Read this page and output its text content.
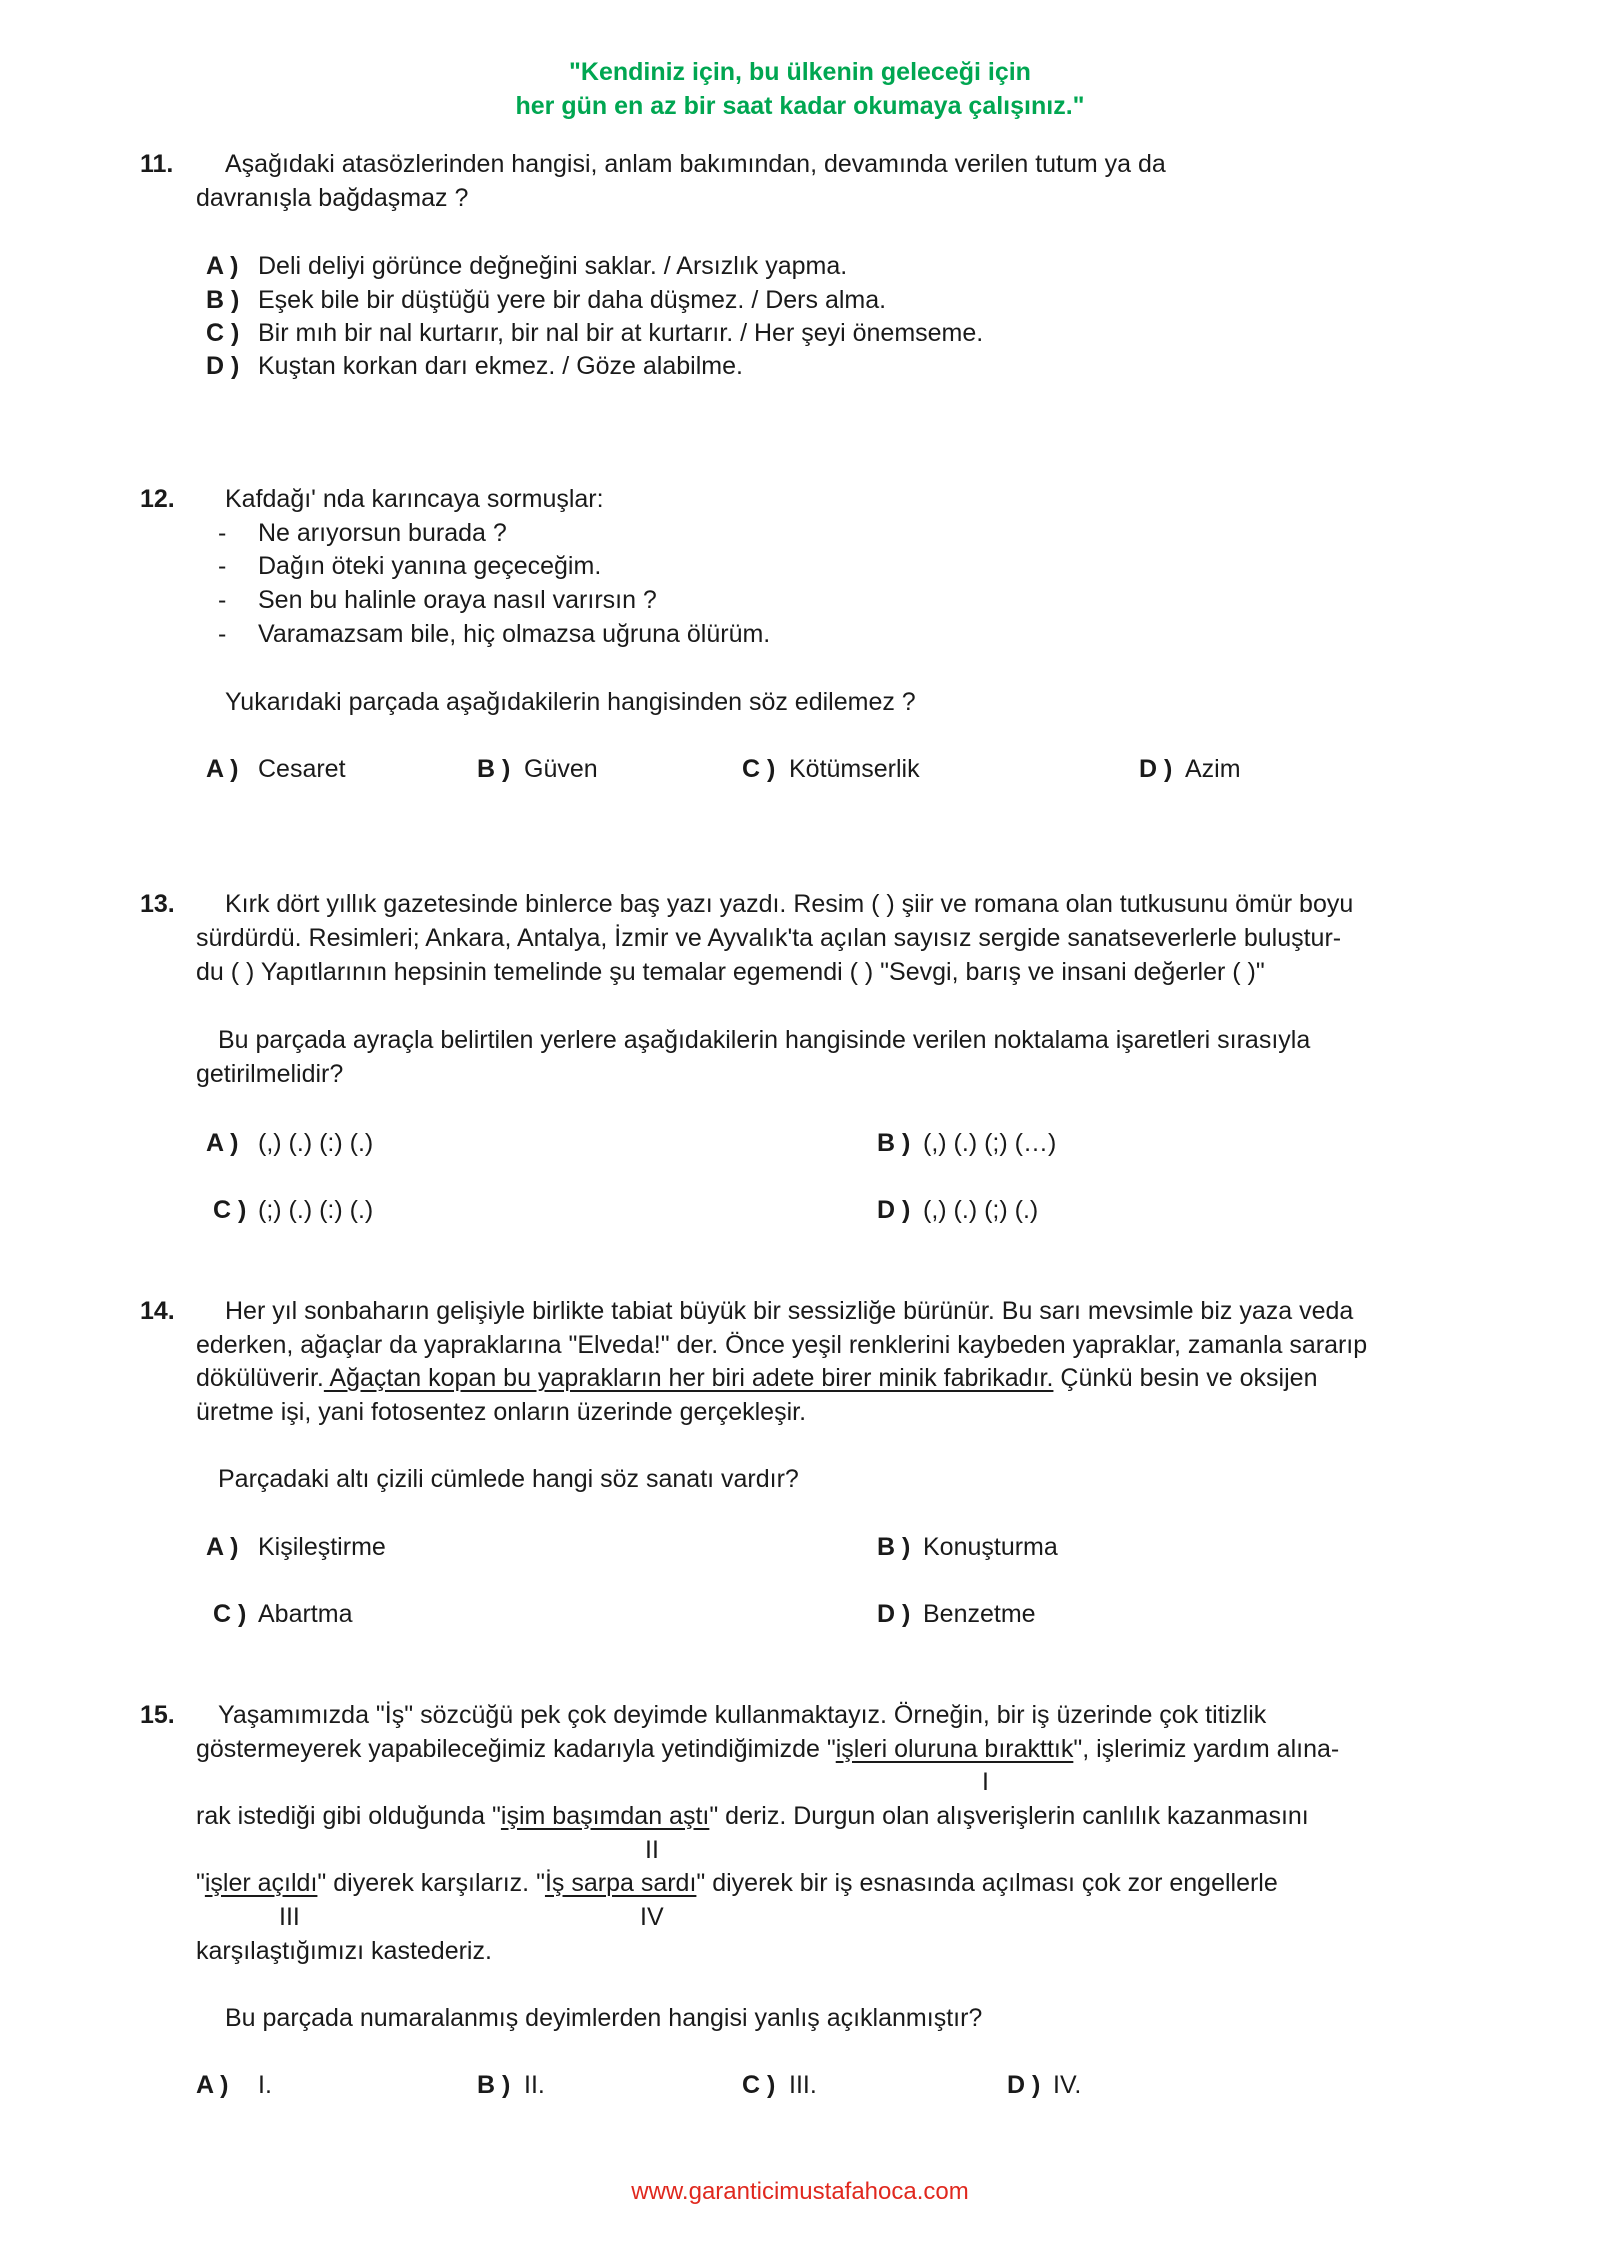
"Kendiniz için, bu ülkenin geleceği için
her gün en az bir saat kadar okumaya çalışınız."
11. Aşağıdaki atasözlerinden hangisi, anlam bakımından, devamında verilen tutum ya da
davranışla bağdaşmaz ?
A ) Deli deliyi görünce değneğini saklar. / Arsızlık yapma.
B ) Eşek bile bir düştüğü yere bir daha düşmez. / Ders alma.
C ) Bir mıh bir nal kurtarır, bir nal bir at kurtarır. / Her şeyi önemseme.
D ) Kuştan korkan darı ekmez. / Göze alabilme.
12. Kafdağı' nda karıncaya sormuşlar:
- Ne arıyorsun burada ?
- Dağın öteki yanına geçeceğim.
- Sen bu halinle oraya nasıl varırsın ?
- Varamazsam bile, hiç olmazsa uğruna ölürüm.
Yukarıdaki parçada aşağıdakilerin hangisinden söz edilemez ?
A ) Cesaret	B ) Güven	C ) Kötümserlik	D ) Azim
13. Kırk dört yıllık gazetesinde binlerce baş yazı yazdı. Resim ( ) şiir ve romana olan tutkusunu ömür boyu
sürdürdü. Resimleri; Ankara, Antalya, İzmir ve Ayvalık'ta açılan sayısız sergide sanatseverlerle buluştur-
du ( ) Yapıtlarının hepsinin temelinde şu temalar egemendi ( ) "Sevgi, barış ve insani değerler ( )"
Bu parçada ayraçla belirtilen yerlere aşağıdakilerin hangisinde verilen noktalama işaretleri sırasıyla
getirilmelidir?
A ) (,) (.) (:) (.)	B ) (,) (.) (;) (…)
C ) (;) (.) (:) (.)	D ) (,) (.) (;) (.)
14. Her yıl sonbaharın gelişiyle birlikte tabiat büyük bir sessizliğe bürünür. Bu sarı mevsimle biz yaza veda
ederken, ağaçlar da yapraklarına "Elveda!" der. Önce yeşil renklerini kaybeden yapraklar, zamanla sararıp
dökülüverir. Ağaçtan kopan bu yaprakların her biri adete birer minik fabrikadır. Çünkü besin ve oksijen
üretme işi, yani fotosentez onların üzerinde gerçekleşir.
Parçadaki altı çizili cümlede hangi söz sanatı vardır?
A ) Kişileştirme	B ) Konuşturma
C ) Abartma	D ) Benzetme
15. Yaşamımızda "İş" sözcüğü pek çok deyimde kullanmaktayız. Örneğin, bir iş üzerinde çok titizlik
göstermeyerek yapabileceğimiz kadarıyla yetindiğimizde "işleri oluruna bırakttık", işlerimiz yardım alına-
I
rak istediği gibi olduğunda "işim başımdan aştı" deriz. Durgun olan alışverişlerin canlılık kazanmasını
II
"işler açıldı" diyerek karşılarız. "İş sarpa sardı" diyerek bir iş esnasında açılması çok zor engellerle
III	IV
karşılaştığımızı kastederiz.
Bu parçada numaralanmış deyimlerden hangisi yanlış açıklanmıştır?
A ) I.	B ) II.	C ) III.	D ) IV.
www.garanticimustafahoca.com
